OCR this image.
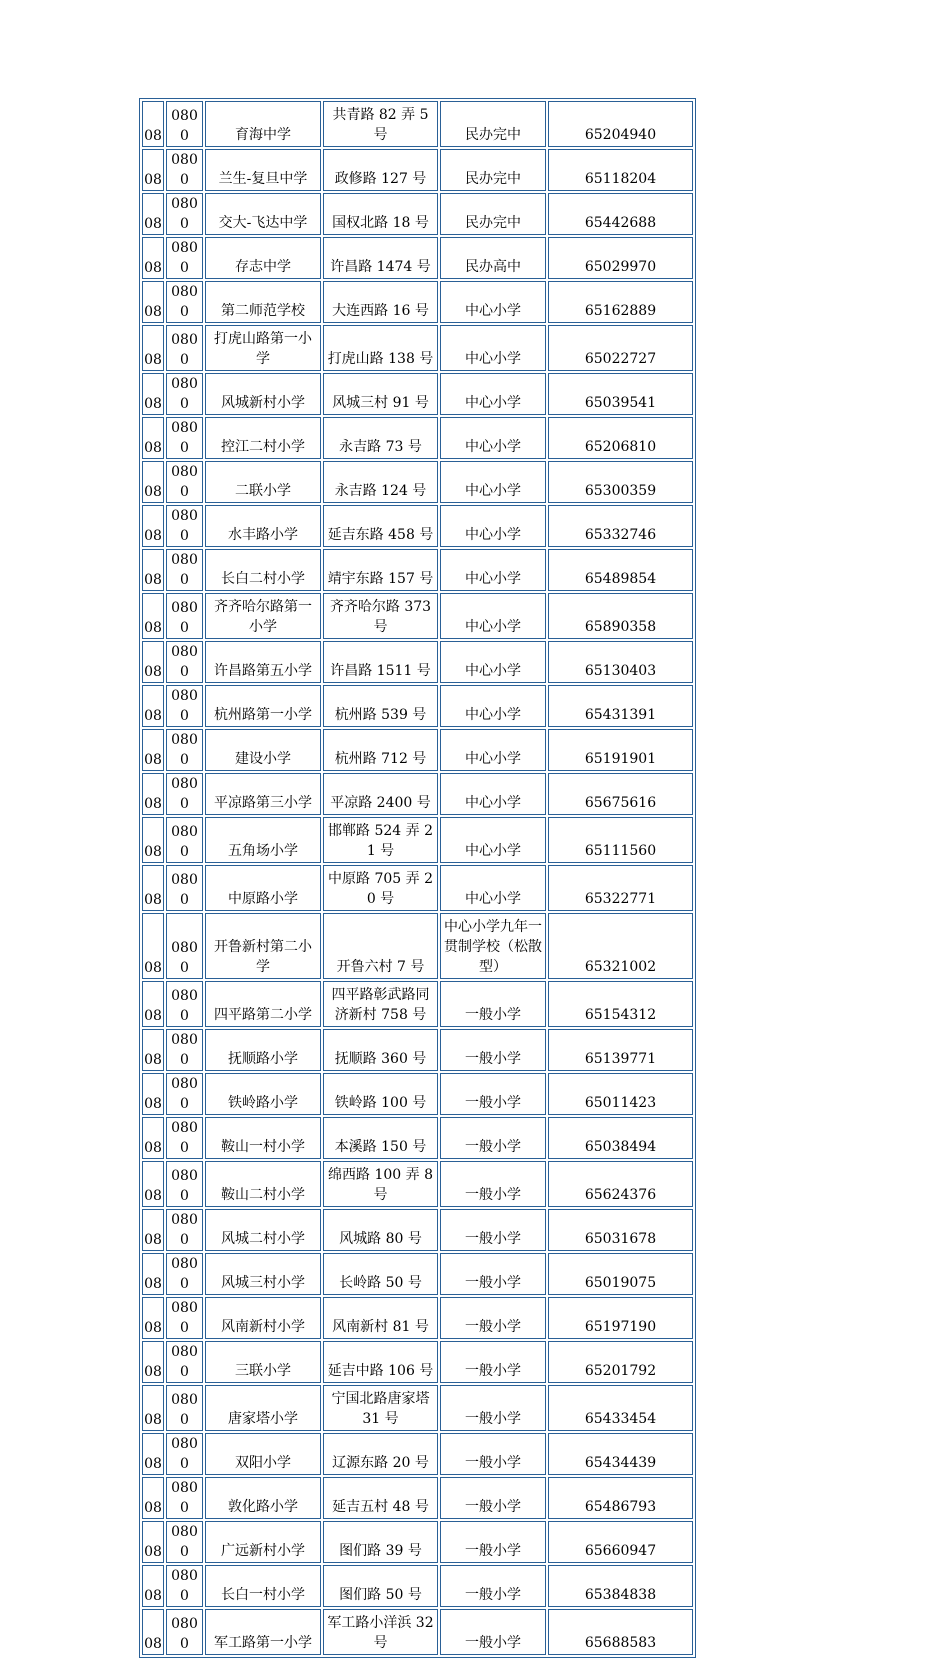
08	0800	育海中学	共青路 82 弄 5 号	民办完中	65204940
08	0800	兰生-复旦中学	政修路 127 号	民办完中	65118204
08	0800	交大-飞达中学	国权北路 18 号	民办完中	65442688
08	0800	存志中学	许昌路 1474 号	民办高中	65029970
08	0800	第二师范学校	大连西路 16 号	中心小学	65162889
08	0800	打虎山路第一小学	打虎山路 138 号	中心小学	65022727
08	0800	风城新村小学	风城三村 91 号	中心小学	65039541
08	0800	控江二村小学	永吉路 73 号	中心小学	65206810
08	0800	二联小学	永吉路 124 号	中心小学	65300359
08	0800	水丰路小学	延吉东路 458 号	中心小学	65332746
08	0800	长白二村小学	靖宇东路 157 号	中心小学	65489854
08	0800	齐齐哈尔路第一小学	齐齐哈尔路 373 号	中心小学	65890358
08	0800	许昌路第五小学	许昌路 1511 号	中心小学	65130403
08	0800	杭州路第一小学	杭州路 539 号	中心小学	65431391
08	0800	建设小学	杭州路 712 号	中心小学	65191901
08	0800	平凉路第三小学	平凉路 2400 号	中心小学	65675616
08	0800	五角场小学	邯郸路 524 弄 21 号	中心小学	65111560
08	0800	中原路小学	中原路 705 弄 20 号	中心小学	65322771
08	0800	开鲁新村第二小学	开鲁六村 7 号	中心小学九年一贯制学校（松散型）	65321002
08	0800	四平路第二小学	四平路彰武路同济新村 758 号	一般小学	65154312
08	0800	抚顺路小学	抚顺路 360 号	一般小学	65139771
08	0800	铁岭路小学	铁岭路 100 号	一般小学	65011423
08	0800	鞍山一村小学	本溪路 150 号	一般小学	65038494
08	0800	鞍山二村小学	绵西路 100 弄 8 号	一般小学	65624376
08	0800	风城二村小学	风城路 80 号	一般小学	65031678
08	0800	风城三村小学	长岭路 50 号	一般小学	65019075
08	0800	风南新村小学	风南新村 81 号	一般小学	65197190
08	0800	三联小学	延吉中路 106 号	一般小学	65201792
08	0800	唐家塔小学	宁国北路唐家塔 31 号	一般小学	65433454
08	0800	双阳小学	辽源东路 20 号	一般小学	65434439
08	0800	敦化路小学	延吉五村 48 号	一般小学	65486793
08	0800	广远新村小学	图们路 39 号	一般小学	65660947
08	0800	长白一村小学	图们路 50 号	一般小学	65384838
08	0800	军工路第一小学	军工路小洋浜 32 号	一般小学	65688583
